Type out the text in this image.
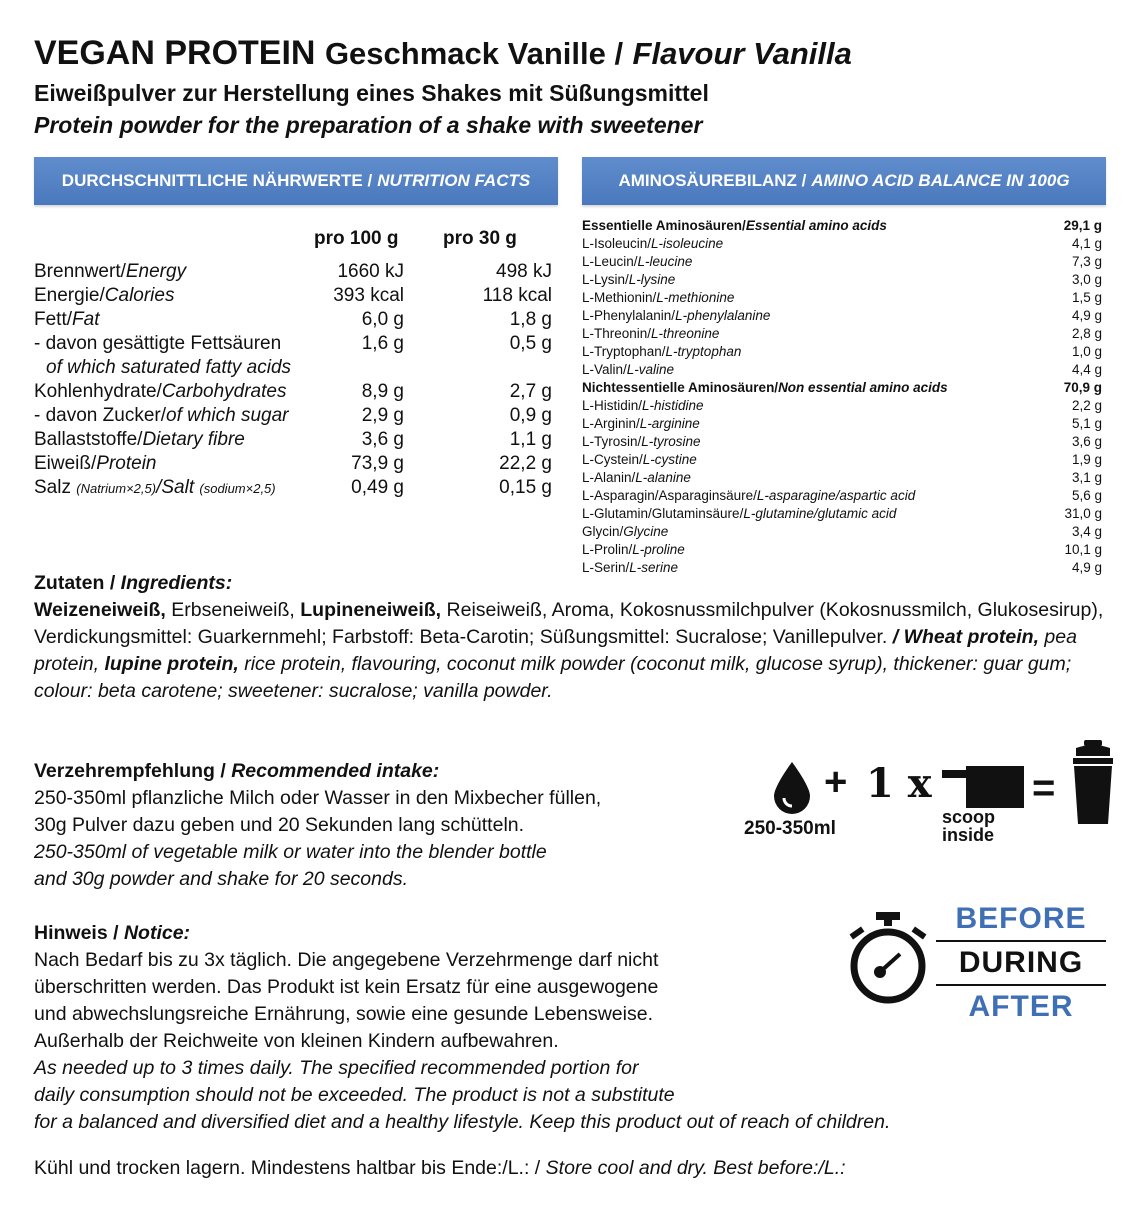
VEGAN PROTEIN Geschmack Vanille / Flavour Vanilla
Eiweißpulver zur Herstellung eines Shakes mit Süßungsmittel
Protein powder for the preparation of a shake with sweetener
DURCHSCHNITTLICHE NÄHRWERTE / NUTRITION FACTS	AMINOSÄUREBILANZ / AMINO ACID BALANCE IN 100G
pro 100 g pro 30 g
Brennwert/Energy	1660 kJ	498 kJ
Energie/Calories	393 kcal	118 kcal
Fett/Fat	6,0 g	1,8 g
- davon gesättigte Fettsäuren	1,6 g	0,5 g
of which saturated fatty acids
Kohlenhydrate/Carbohydrates	8,9 g	2,7 g
- davon Zucker/of which sugar	2,9 g	0,9 g
Ballaststoffe/Dietary fibre	3,6 g	1,1 g
Eiweiß/Protein	73,9 g	22,2 g
Salz (Natrium×2,5)/Salt (sodium×2,5)	0,49 g	0,15 g
Essentielle Aminosäuren/Essential amino acids	29,1 g
L-Isoleucin/L-isoleucine	4,1 g
L-Leucin/L-leucine	7,3 g
L-Lysin/L-lysine	3,0 g
L-Methionin/L-methionine	1,5 g
L-Phenylalanin/L-phenylalanine	4,9 g
L-Threonin/L-threonine	2,8 g
L-Tryptophan/L-tryptophan	1,0 g
L-Valin/L-valine	4,4 g
Nichtessentielle Aminosäuren/Non essential amino acids	70,9 g
L-Histidin/L-histidine	2,2 g
L-Arginin/L-arginine	5,1 g
L-Tyrosin/L-tyrosine	3,6 g
L-Cystein/L-cystine	1,9 g
L-Alanin/L-alanine	3,1 g
L-Asparagin/Asparaginsäure/L-asparagine/aspartic acid	5,6 g
L-Glutamin/Glutaminsäure/L-glutamine/glutamic acid	31,0 g
Glycin/Glycine	3,4 g
L-Prolin/L-proline	10,1 g
L-Serin/L-serine	4,9 g
Zutaten / Ingredients:
Weizeneiweiß, Erbseneiweiß, Lupineneiweiß, Reiseiweiß, Aroma, Kokosnussmilchpulver (Kokosnussmilch, Glukosesirup), Verdickungsmittel: Guarkernmehl; Farbstoff: Beta-Carotin; Süßungsmittel: Sucralose; Vanillepulver. / Wheat protein, pea protein, lupine protein, rice protein, flavouring, coconut milk powder (coconut milk, glucose syrup), thickener: guar gum; colour: beta carotene; sweetener: sucralose; vanilla powder.
Verzehrempfehlung / Recommended intake:
250-350ml pflanzliche Milch oder Wasser in den Mixbecher füllen,
30g Pulver dazu geben und 20 Sekunden lang schütteln.
250-350ml of vegetable milk or water into the blender bottle
and 30g powder and shake for 20 seconds.
+ 1 x	=
250-350ml
scoop
inside
Hinweis / Notice:
Nach Bedarf bis zu 3x täglich. Die angegebene Verzehrmenge darf nicht
überschritten werden. Das Produkt ist kein Ersatz für eine ausgewogene
und abwechslungsreiche Ernährung, sowie eine gesunde Lebensweise.
Außerhalb der Reichweite von kleinen Kindern aufbewahren.
As needed up to 3 times daily. The specified recommended portion for
daily consumption should not be exceeded. The product is not a substitute
for a balanced and diversified diet and a healthy lifestyle. Keep this product out of reach of children.
BEFORE
DURING
AFTER
Kühl und trocken lagern. Mindestens haltbar bis Ende:/L.: / Store cool and dry. Best before:/L.:
